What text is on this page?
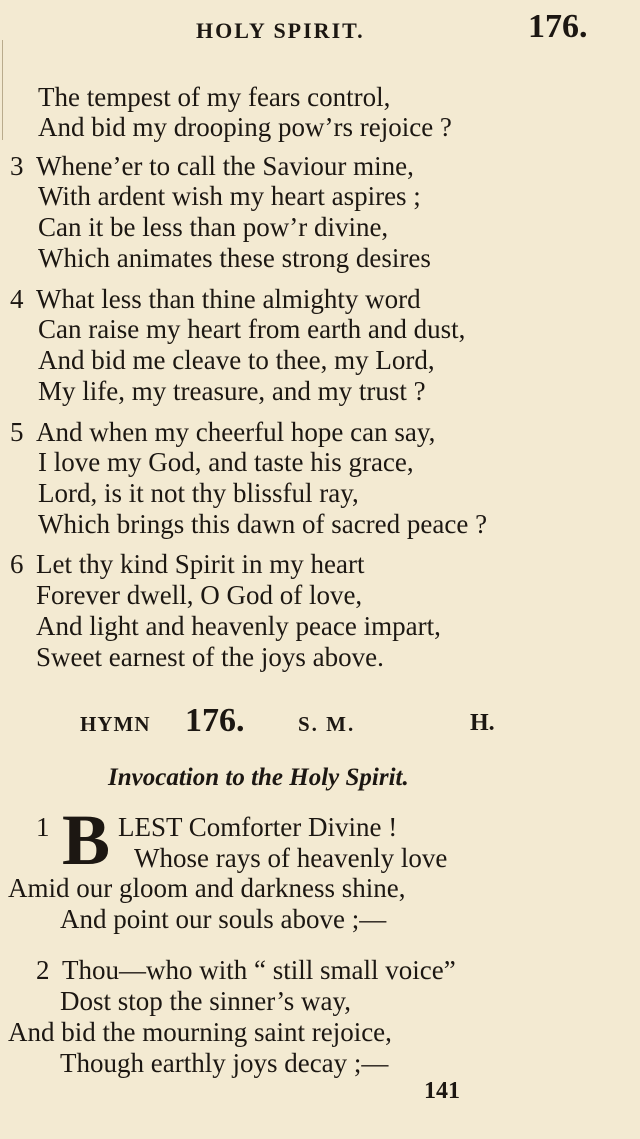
HOLY SPIRIT.	176.
The tempest of my fears control,
And bid my drooping pow’rs rejoice ?
3 Whene’er to call the Saviour mine,
With ardent wish my heart aspires ;
Can it be less than pow’r divine,
Which animates these strong desires
4 What less than thine almighty word
Can raise my heart from earth and dust,
And bid me cleave to thee, my Lord,
My life, my treasure, and my trust ?
5 And when my cheerful hope can say,
I love my God, and taste his grace,
Lord, is it not thy blissful ray,
Which brings this dawn of sacred peace ?
6 Let thy kind Spirit in my heart
Forever dwell, O God of love,
And light and heavenly peace impart,
Sweet earnest of the joys above.
HYMN 176.	S. M.	H.
Invocation to the Holy Spirit.
1 B LEST Comforter Divine !
Whose rays of heavenly love
Amid our gloom and darkness shine,
And point our souls above ;—
2 Thou—who with “ still small voice”
Dost stop the sinner’s way,
And bid the mourning saint rejoice,
Though earthly joys decay ;—
141
